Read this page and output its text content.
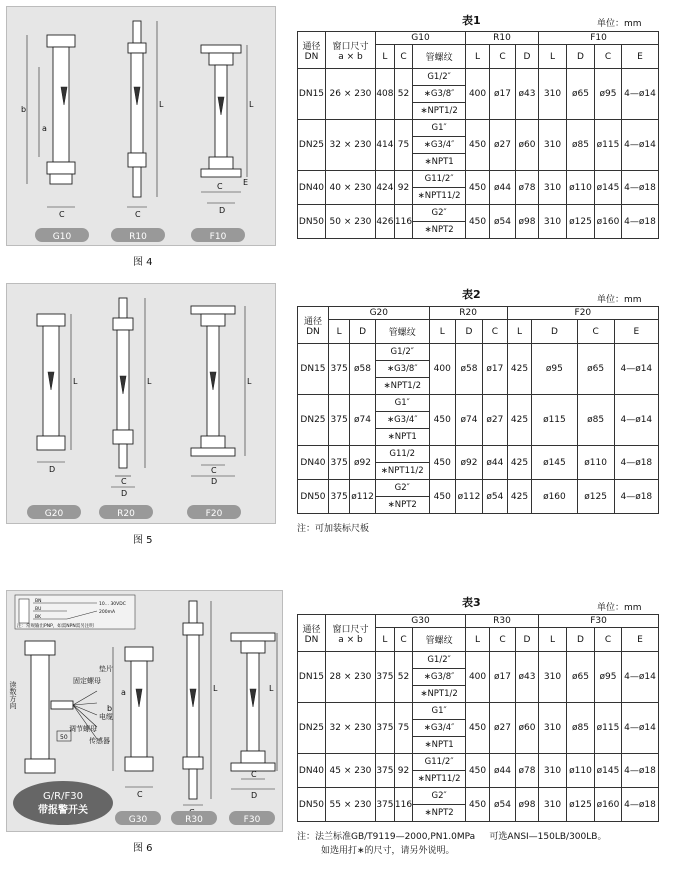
b
a
C
L
C
L
C
D
E
G10	R10	F10
图 4
L
D
L
C
D
L
C
D
G20	R20	F20
图 5
BN
BU
BK
10... 30VDC
200mA
注：常规输出PNP，如需NPN需另注明
垫片
固定螺母
电缆
调节螺母
传感器
50
读数方向
G/R/F30
带报警开关
b
a
C
L	L
C
D
G30	R30	F30
图 6
表1	单位：mm
通径
DN	窗口尺寸
a × b	G10			R10			F10			
		L	C	管螺纹	L	C	D	L	D	C	E
DN15	26 × 230	408	52	G1/2″	400	ø17	ø43	310	ø65	ø95	4—ø14
				∗G3/8″							
				∗NPT1/2							
DN25	32 × 230	414	75	G1″	450	ø27	ø60	310	ø85	ø115	4—ø14
				∗G3/4″							
				∗NPT1							
DN40	40 × 230	424	92	G11/2″	450	ø44	ø78	310	ø110	ø145	4—ø18
				∗NPT11/2							
DN50	50 × 230	426	116	G2″	450	ø54	ø98	310	ø125	ø160	4—ø18
				∗NPT2							
表2	单位：mm
通径
DN	G20			R20			F20			
	L	D	管螺纹	L	D	C	L	D	C	E
DN15	375	ø58	G1/2″	400	ø58	ø17	425	ø95	ø65	4—ø14
			∗G3/8″							
			∗NPT1/2							
DN25	375	ø74	G1″	450	ø74	ø27	425	ø115	ø85	4—ø14
			∗G3/4″							
			∗NPT1							
DN40	375	ø92	G11/2	450	ø92	ø44	425	ø145	ø110	4—ø18
			∗NPT11/2							
DN50	375	ø112	G2″	450	ø112	ø54	425	ø160	ø125	4—ø18
			∗NPT2							
注：可加装标尺板
表3	单位：mm
通径
DN	窗口尺寸
a × b	G30			R30			F30			
		L	C	管螺纹	L	C	D	L	D	C	E
DN15	28 × 230	375	52	G1/2″	400	ø17	ø43	310	ø65	ø95	4—ø14
				∗G3/8″							
				∗NPT1/2							
DN25	32 × 230	375	75	G1″	450	ø27	ø60	310	ø85	ø115	4—ø14
				∗G3/4″							
				∗NPT1							
DN40	45 × 230	375	92	G11/2″	450	ø44	ø78	310	ø110	ø145	4—ø18
				∗NPT11/2							
DN50	55 × 230	375	116	G2″	450	ø54	ø98	310	ø125	ø160	4—ø18
				∗NPT2							
注：法兰标准GB/T9119—2000,PN1.0MPa     可选ANSI—150LB/300LB。
如选用打∗的尺寸，请另外说明。
